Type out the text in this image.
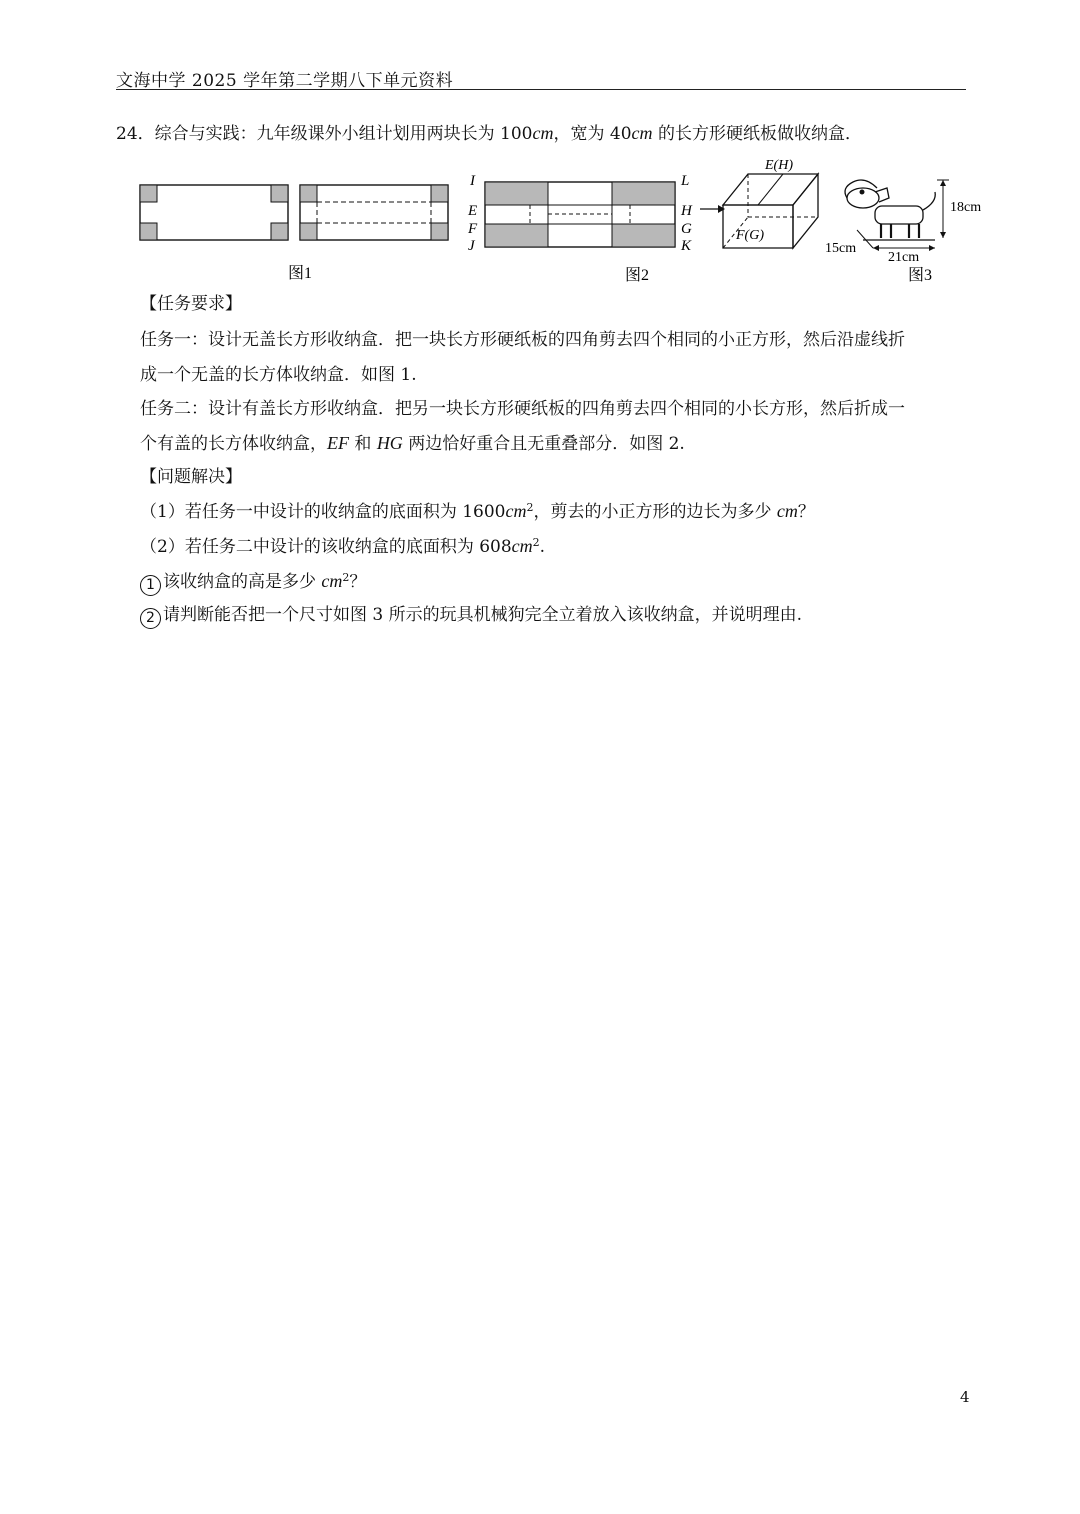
文海中学 2025 学年第二学期八下单元资料
24．综合与实践：九年级课外小组计划用两块长为 100cm，宽为 40cm 的长方形硬纸板做收纳盒．
图1
I
E
F
J
L
H
G
K
图2
E(H)
F(G)
18cm
15cm
21cm
图3
【任务要求】
任务一：设计无盖长方形收纳盒．把一块长方形硬纸板的四角剪去四个相同的小正方形，然后沿虚线折
成一个无盖的长方体收纳盒．如图 1.
任务二：设计有盖长方形收纳盒．把另一块长方形硬纸板的四角剪去四个相同的小长方形，然后折成一
个有盖的长方体收纳盒，EF 和 HG 两边恰好重合且无重叠部分．如图 2.
【问题解决】
（1）若任务一中设计的收纳盒的底面积为 $1600cm^2$，剪去的小正方形的边长为多少 cm？
（2）若任务二中设计的该收纳盒的底面积为 $608cm^2$.
1 该收纳盒的高是多少 $cm^2$？
2 请判断能否把一个尺寸如图 3 所示的玩具机械狗完全立着放入该收纳盒，并说明理由.
4
